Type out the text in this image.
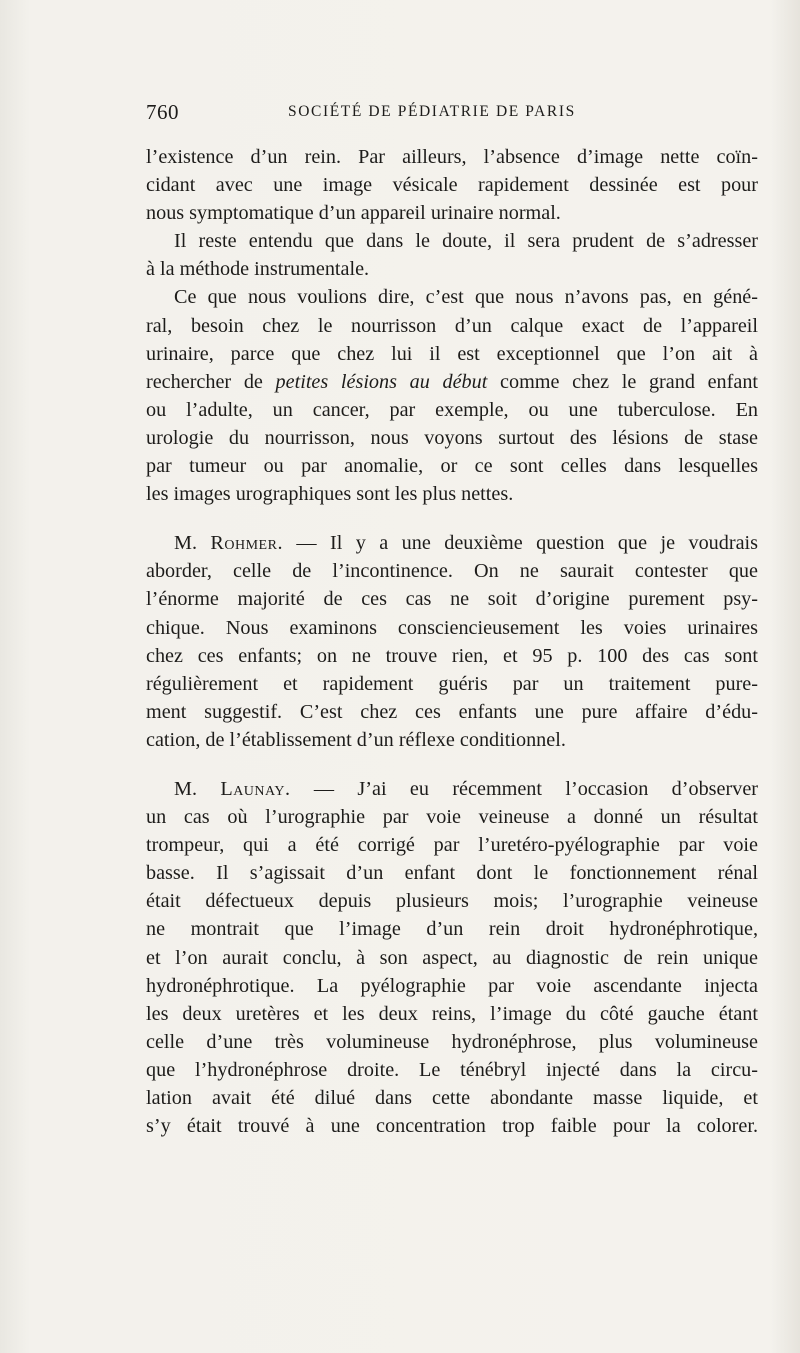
760	SOCIÉTÉ DE PÉDIATRIE DE PARIS
l’existence d’un rein. Par ailleurs, l’absence d’image nette coïn-
cidant avec une image vésicale rapidement dessinée est pour
nous symptomatique d’un appareil urinaire normal.
Il reste entendu que dans le doute, il sera prudent de s’adresser
à la méthode instrumentale.
Ce que nous voulions dire, c’est que nous n’avons pas, en géné-
ral, besoin chez le nourrisson d’un calque exact de l’appareil
urinaire, parce que chez lui il est exceptionnel que l’on ait à
rechercher de petites lésions au début comme chez le grand enfant
ou l’adulte, un cancer, par exemple, ou une tuberculose. En
urologie du nourrisson, nous voyons surtout des lésions de stase
par tumeur ou par anomalie, or ce sont celles dans lesquelles
les images urographiques sont les plus nettes.
M. Rohmer. — Il y a une deuxième question que je voudrais
aborder, celle de l’incontinence. On ne saurait contester que
l’énorme majorité de ces cas ne soit d’origine purement psy-
chique. Nous examinons consciencieusement les voies urinaires
chez ces enfants; on ne trouve rien, et 95 p. 100 des cas sont
régulièrement et rapidement guéris par un traitement pure-
ment suggestif. C’est chez ces enfants une pure affaire d’édu-
cation, de l’établissement d’un réflexe conditionnel.
M. Launay. — J’ai eu récemment l’occasion d’observer
un cas où l’urographie par voie veineuse a donné un résultat
trompeur, qui a été corrigé par l’uretéro-pyélographie par voie
basse. Il s’agissait d’un enfant dont le fonctionnement rénal
était défectueux depuis plusieurs mois; l’urographie veineuse
ne montrait que l’image d’un rein droit hydronéphrotique,
et l’on aurait conclu, à son aspect, au diagnostic de rein unique
hydronéphrotique. La pyélographie par voie ascendante injecta
les deux uretères et les deux reins, l’image du côté gauche étant
celle d’une très volumineuse hydronéphrose, plus volumineuse
que l’hydronéphrose droite. Le ténébryl injecté dans la circu-
lation avait été dilué dans cette abondante masse liquide, et
s’y était trouvé à une concentration trop faible pour la colorer.
